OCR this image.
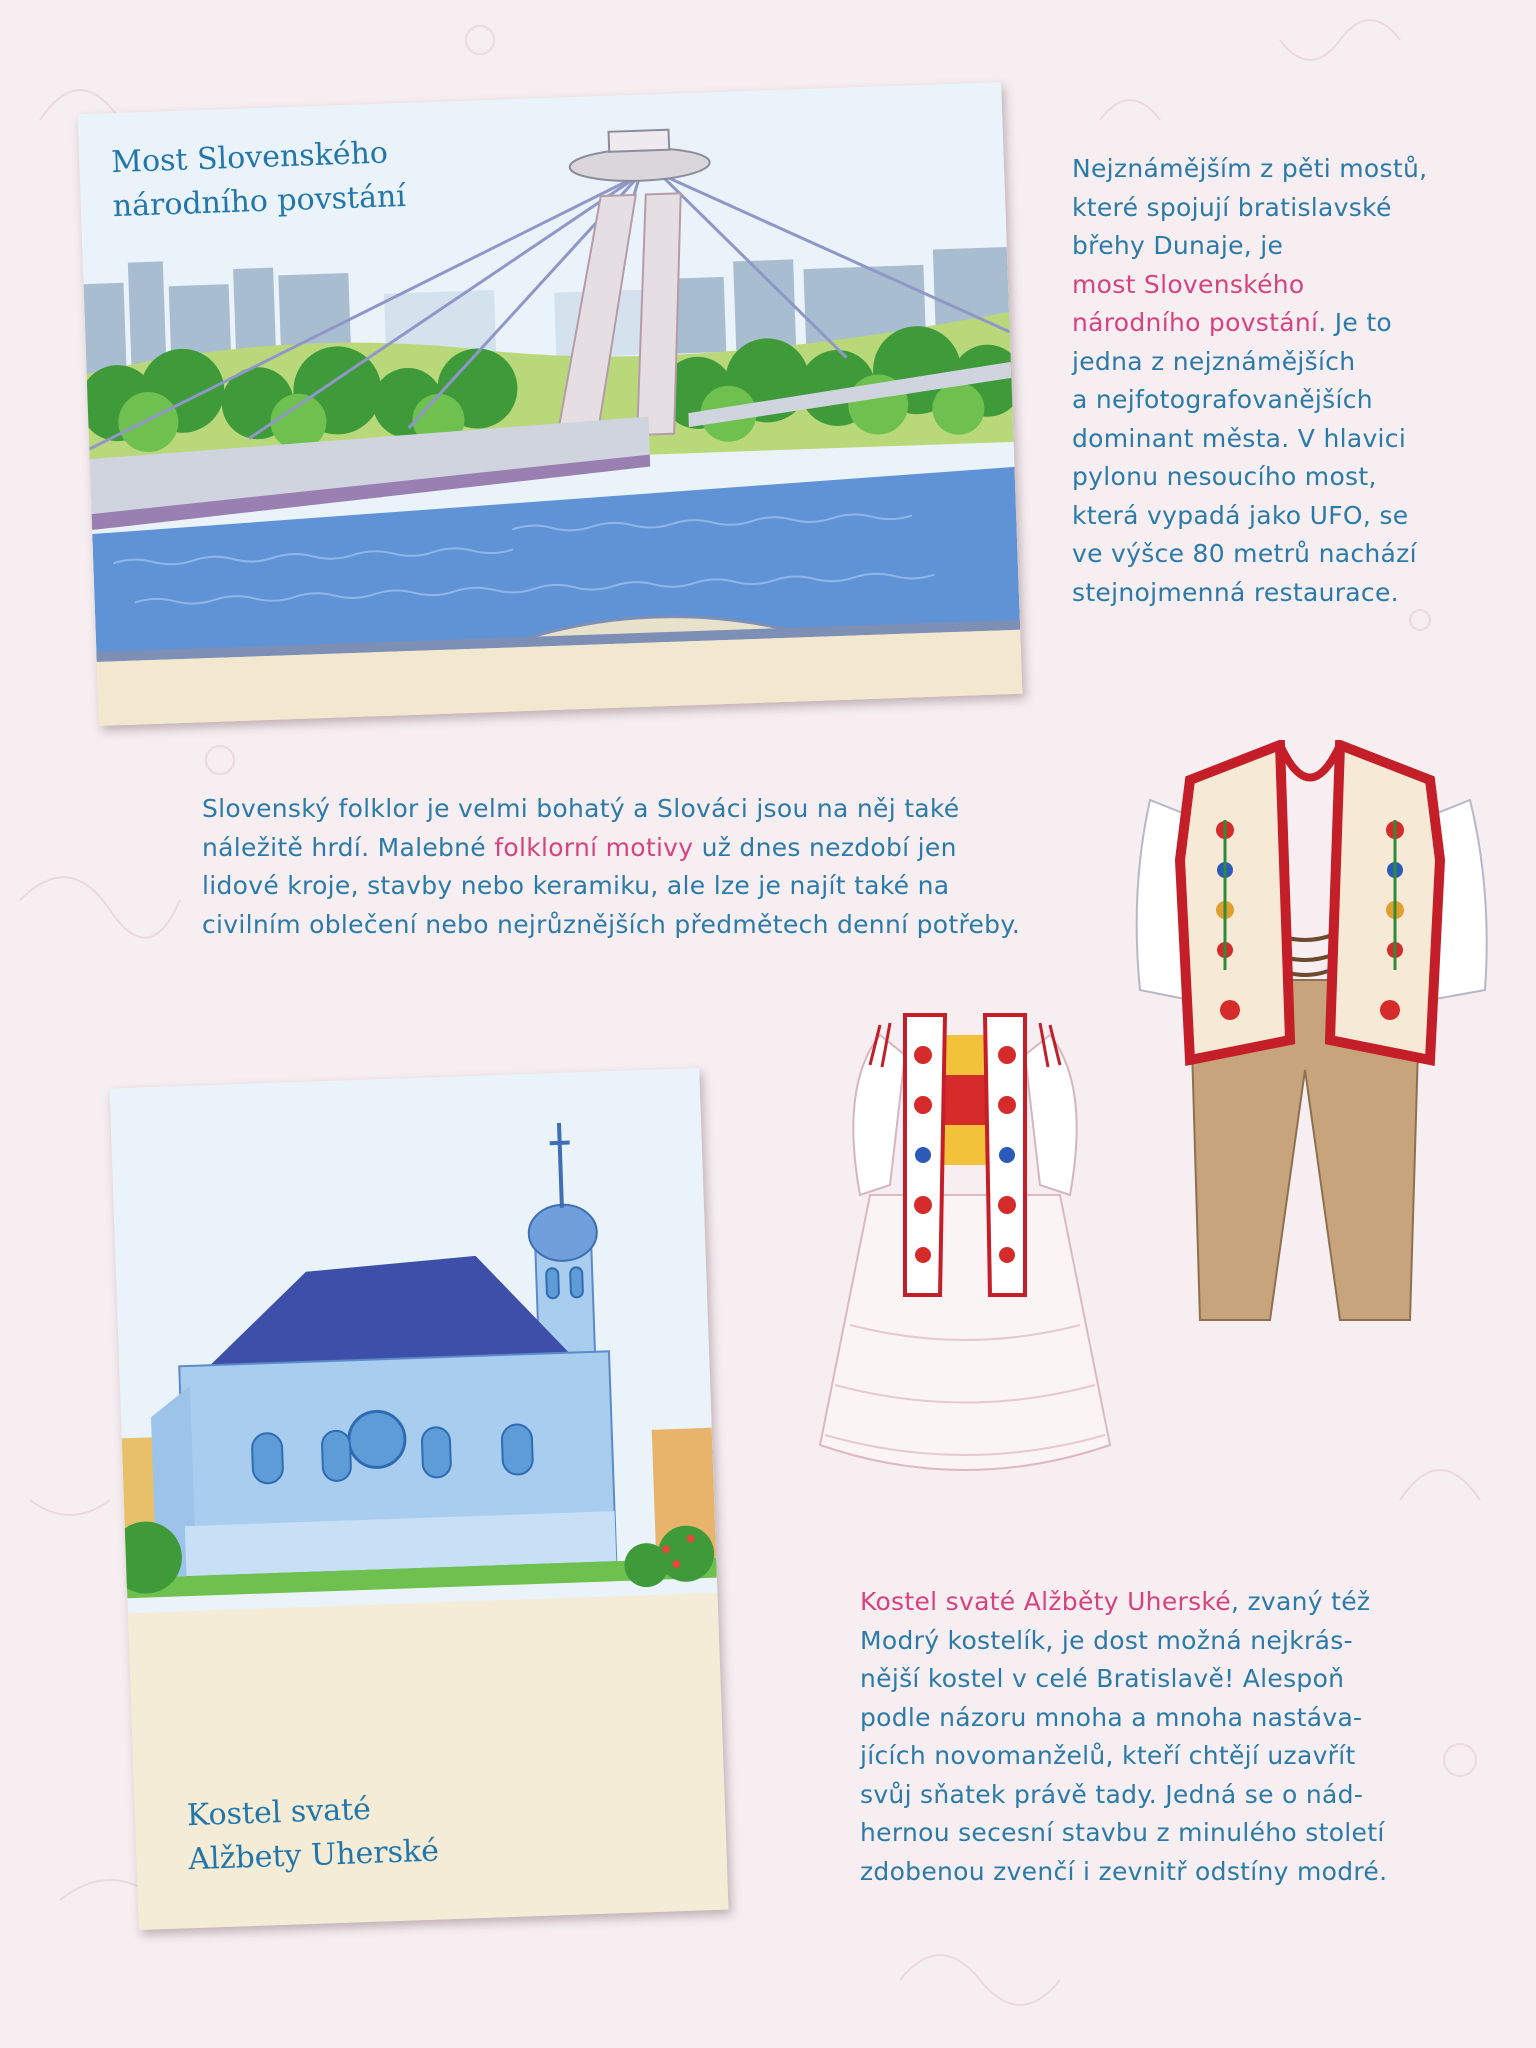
Most Slovenského
národního povstání

Nejznámějším z pěti mostů,
které spojují bratislavské
břehy Dunaje, je
most Slovenského
národního povstání. Je to
jedna z nejznámějších
a nejfotografovanějších
dominant města. V hlavici
pylonu nesoucího most,
která vypadá jako UFO, se
ve výšce 80 metrů nachází
stejnojmenná restaurace.

Slovenský folklor je velmi bohatý a Slováci jsou na něj také
náležitě hrdí. Malebné folklorní motivy už dnes nezdobí jen
lidové kroje, stavby nebo keramiku, ale lze je najít také na
civilním oblečení nebo nejrůznějších předmětech denní potřeby.

Kostel svaté
Alžbety Uherské

Kostel svaté Alžběty Uherské, zvaný též
Modrý kostelík, je dost možná nejkrás-
nější kostel v celé Bratislavě! Alespoň
podle názoru mnoha a mnoha nastáva-
jících novomanželů, kteří chtějí uzavřít
svůj sňatek právě tady. Jedná se o nád-
hernou secesní stavbu z minulého století
zdobenou zvenčí i zevnitř odstíny modré.
